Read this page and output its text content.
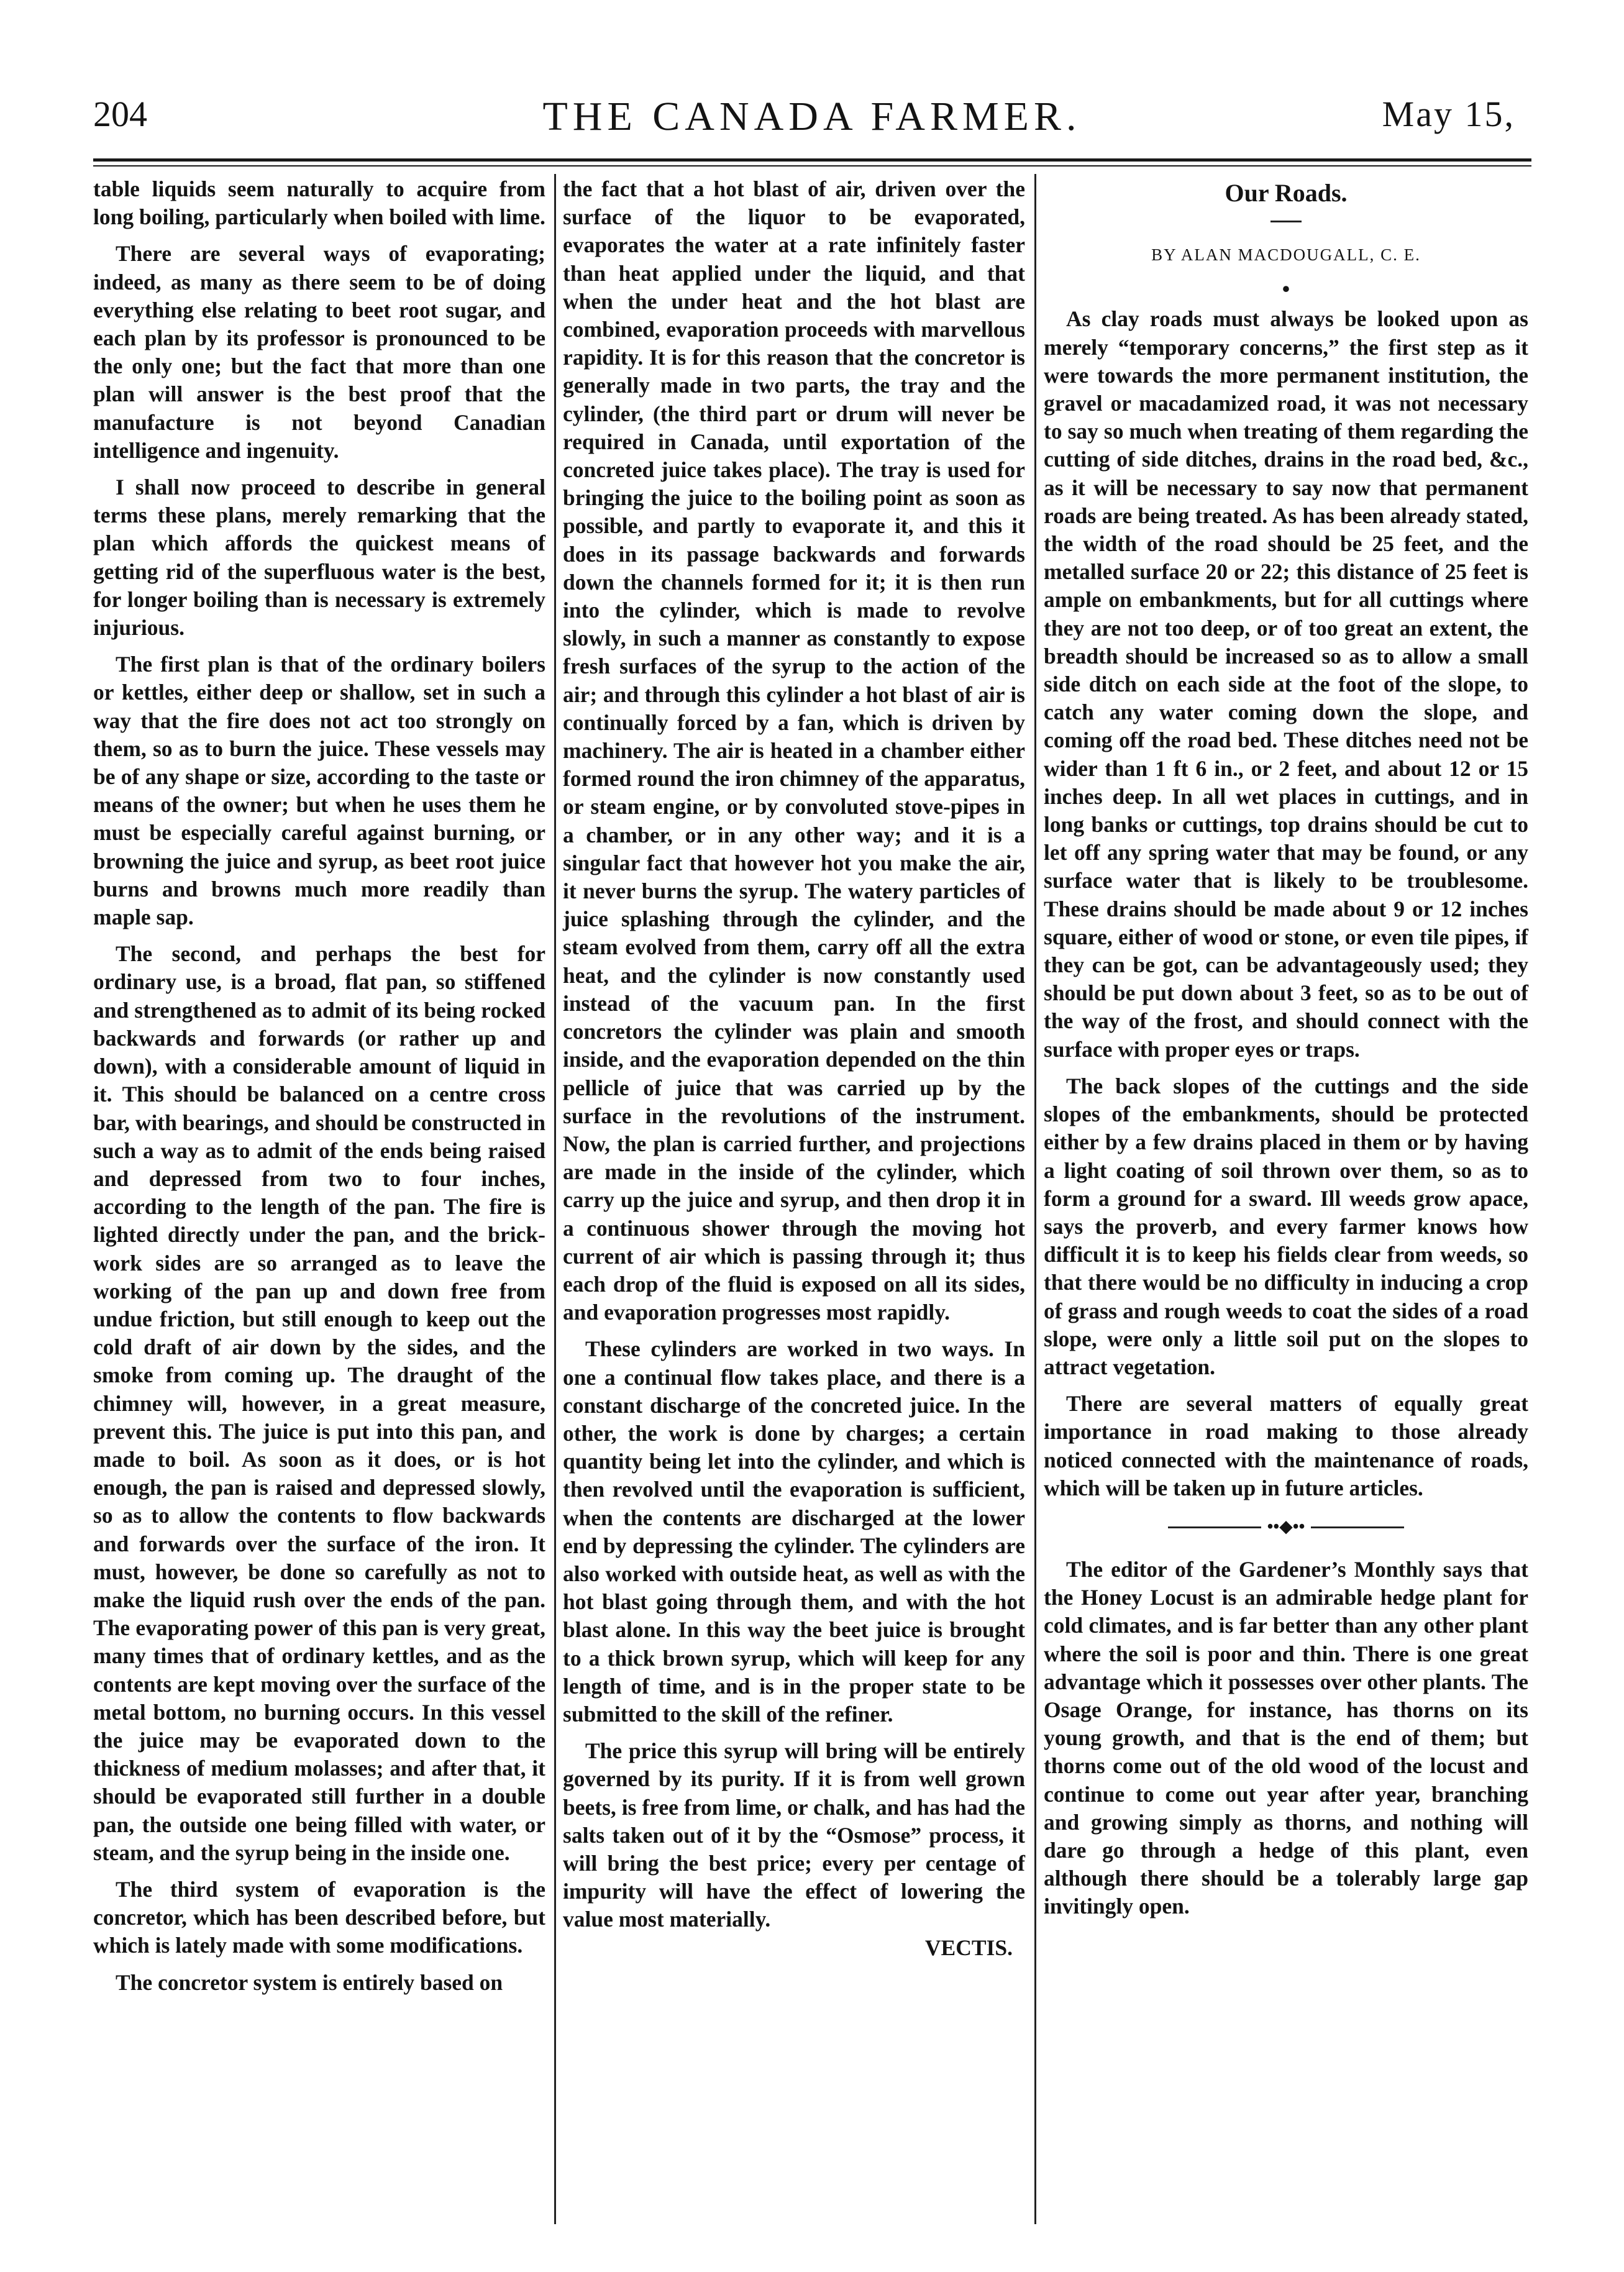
204	THE CANADA FARMER.	May 15,

table liquids seem naturally to acquire from long boiling, particularly when boiled with lime.

There are several ways of evaporating; indeed, as many as there seem to be of doing everything else relating to beet root sugar, and each plan by its professor is pronounced to be the only one; but the fact that more than one plan will answer is the best proof that the manufacture is not beyond Canadian intelligence and ingenuity.

I shall now proceed to describe in general terms these plans, merely remarking that the plan which affords the quickest means of getting rid of the superfluous water is the best, for longer boiling than is necessary is extremely injurious.

The first plan is that of the ordinary boilers or kettles, either deep or shallow, set in such a way that the fire does not act too strongly on them, so as to burn the juice. These vessels may be of any shape or size, according to the taste or means of the owner; but when he uses them he must be especially careful against burning, or browning the juice and syrup, as beet root juice burns and browns much more readily than maple sap.

The second, and perhaps the best for ordinary use, is a broad, flat pan, so stiffened and strengthened as to admit of its being rocked backwards and forwards (or rather up and down), with a considerable amount of liquid in it. This should be balanced on a centre cross bar, with bearings, and should be constructed in such a way as to admit of the ends being raised and depressed from two to four inches, according to the length of the pan. The fire is lighted directly under the pan, and the brick-work sides are so arranged as to leave the working of the pan up and down free from undue friction, but still enough to keep out the cold draft of air down by the sides, and the smoke from coming up. The draught of the chimney will, however, in a great measure, prevent this. The juice is put into this pan, and made to boil. As soon as it does, or is hot enough, the pan is raised and depressed slowly, so as to allow the contents to flow backwards and forwards over the surface of the iron. It must, however, be done so carefully as not to make the liquid rush over the ends of the pan. The evaporating power of this pan is very great, many times that of ordinary kettles, and as the contents are kept moving over the surface of the metal bottom, no burning occurs. In this vessel the juice may be evaporated down to the thickness of medium molasses; and after that, it should be evaporated still further in a double pan, the outside one being filled with water, or steam, and the syrup being in the inside one.

The third system of evaporation is the concretor, which has been described before, but which is lately made with some modifications.

The concretor system is entirely based on

the fact that a hot blast of air, driven over the surface of the liquor to be evaporated, evaporates the water at a rate infinitely faster than heat applied under the liquid, and that when the under heat and the hot blast are combined, evaporation proceeds with marvellous rapidity. It is for this reason that the concretor is generally made in two parts, the tray and the cylinder, (the third part or drum will never be required in Canada, until exportation of the concreted juice takes place). The tray is used for bringing the juice to the boiling point as soon as possible, and partly to evaporate it, and this it does in its passage backwards and forwards down the channels formed for it; it is then run into the cylinder, which is made to revolve slowly, in such a manner as constantly to expose fresh surfaces of the syrup to the action of the air; and through this cylinder a hot blast of air is continually forced by a fan, which is driven by machinery. The air is heated in a chamber either formed round the iron chimney of the apparatus, or steam engine, or by convoluted stove-pipes in a chamber, or in any other way; and it is a singular fact that however hot you make the air, it never burns the syrup. The watery particles of juice splashing through the cylinder, and the steam evolved from them, carry off all the extra heat, and the cylinder is now constantly used instead of the vacuum pan. In the first concretors the cylinder was plain and smooth inside, and the evaporation depended on the thin pellicle of juice that was carried up by the surface in the revolutions of the instrument. Now, the plan is carried further, and projections are made in the inside of the cylinder, which carry up the juice and syrup, and then drop it in a continuous shower through the moving hot current of air which is passing through it; thus each drop of the fluid is exposed on all its sides, and evaporation progresses most rapidly.

These cylinders are worked in two ways. In one a continual flow takes place, and there is a constant discharge of the concreted juice. In the other, the work is done by charges; a certain quantity being let into the cylinder, and which is then revolved until the evaporation is sufficient, when the contents are discharged at the lower end by depressing the cylinder. The cylinders are also worked with outside heat, as well as with the hot blast going through them, and with the hot blast alone. In this way the beet juice is brought to a thick brown syrup, which will keep for any length of time, and is in the proper state to be submitted to the skill of the refiner.

The price this syrup will bring will be entirely governed by its purity. If it is from well grown beets, is free from lime, or chalk, and has had the salts taken out of it by the “Osmose” process, it will bring the best price; every per centage of impurity will have the effect of lowering the value most materially.

VECTIS.
Our Roads.
BY ALAN MACDOUGALL, C. E.
•

As clay roads must always be looked upon as merely “temporary concerns,” the first step as it were towards the more permanent institution, the gravel or macadamized road, it was not necessary to say so much when treating of them regarding the cutting of side ditches, drains in the road bed, &c., as it will be necessary to say now that permanent roads are being treated. As has been already stated, the width of the road should be 25 feet, and the metalled surface 20 or 22; this distance of 25 feet is ample on embankments, but for all cuttings where they are not too deep, or of too great an extent, the breadth should be increased so as to allow a small side ditch on each side at the foot of the slope, to catch any water coming down the slope, and coming off the road bed. These ditches need not be wider than 1 ft 6 in., or 2 feet, and about 12 or 15 inches deep. In all wet places in cuttings, and in long banks or cuttings, top drains should be cut to let off any spring water that may be found, or any surface water that is likely to be troublesome. These drains should be made about 9 or 12 inches square, either of wood or stone, or even tile pipes, if they can be got, can be advantageously used; they should be put down about 3 feet, so as to be out of the way of the frost, and should connect with the surface with proper eyes or traps.

The back slopes of the cuttings and the side slopes of the embankments, should be protected either by a few drains placed in them or by having a light coating of soil thrown over them, so as to form a ground for a sward. Ill weeds grow apace, says the proverb, and every farmer knows how difficult it is to keep his fields clear from weeds, so that there would be no difficulty in inducing a crop of grass and rough weeds to coat the sides of a road slope, were only a little soil put on the slopes to attract vegetation.

There are several matters of equally great importance in road making to those already noticed connected with the maintenance of roads, which will be taken up in future articles.

••◆••

The editor of the Gardener’s Monthly says that the Honey Locust is an admirable hedge plant for cold climates, and is far better than any other plant where the soil is poor and thin. There is one great advantage which it possesses over other plants. The Osage Orange, for instance, has thorns on its young growth, and that is the end of them; but thorns come out of the old wood of the locust and continue to come out year after year, branching and growing simply as thorns, and nothing will dare go through a hedge of this plant, even although there should be a tolerably large gap invitingly open.
